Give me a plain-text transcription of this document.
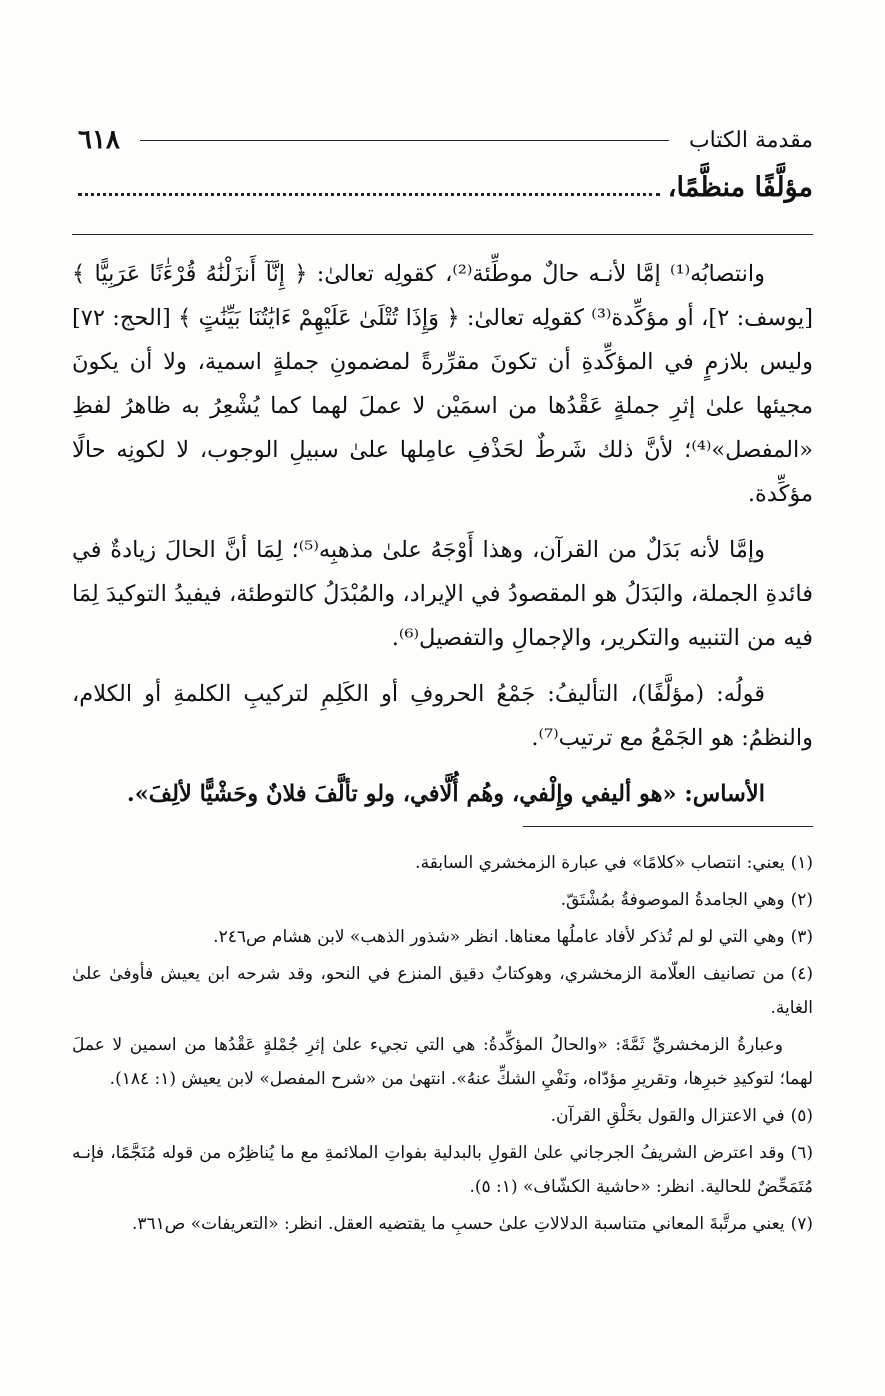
مقدمة الكتاب
٦١٨
مؤلَّفًا منظَّمًا،

وانتصابُه⁽¹⁾ إمَّا لأنـه حالٌ موطِّئة⁽²⁾، كقولِه تعالىٰ: ﴿ إِنَّآ أَنزَلْنَٰهُ قُرْءَٰنًا عَرَبِيًّا ﴾ [يوسف: ٢]، أو مؤكِّدة⁽³⁾ كقولِه تعالىٰ: ﴿ وَإِذَا تُتْلَىٰ عَلَيْهِمْ ءَايَٰتُنَا بَيِّنَٰتٍ ﴾ [الحج: ٧٢] وليس بلازمٍ في المؤكِّدةِ أن تكونَ مقرِّرةً لمضمونِ جملةٍ اسمية، ولا أن يكونَ مجيئها علىٰ إثرِ جملةٍ عَقْدُها من اسمَيْن لا عملَ لهما كما يُشْعِرُ به ظاهرُ لفظِ «المفصل»⁽⁴⁾؛ لأنَّ ذلك شَرطٌ لحَذْفِ عامِلها علىٰ سبيلِ الوجوب، لا لكونِه حالًا مؤكِّدة.

وإمَّا لأنه بَدَلٌ من القرآن، وهذا أَوْجَهُ علىٰ مذهبِه⁽⁵⁾؛ لِمَا أنَّ الحالَ زيادةٌ في فائدةِ الجملة، والبَدَلُ هو المقصودُ في الإيراد، والمُبْدَلُ كالتوطئة، فيفيدُ التوكيدَ لِمَا فيه من التنبيه والتكرير، والإجمالِ والتفصيل⁽⁶⁾.

قولُه: (مؤلَّفًا)، التأليفُ: جَمْعُ الحروفِ أو الكَلِمِ لتركيبِ الكلمةِ أو الكلام، والنظمُ: هو الجَمْعُ مع ترتيب⁽⁷⁾.

الأساس: «هو أليفي وإِلْفي، وهُم أُلَّافي، ولو تألَّفَ فلانٌ وحَشْيًّا لألِفَ».

(١)يعني: انتصاب «كلامًا» في عبارة الزمخشري السابقة.

(٢)وهي الجامدةُ الموصوفةُ بمُشْتَقّ.

(٣)وهي التي لو لم تُذكر لأفاد عاملُها معناها. انظر «شذور الذهب» لابن هشام ص٢٤٦.

(٤)من تصانيف العلّامة الزمخشري، وهوكتابٌ دقيق المنزع في النحو، وقد شرحه ابن يعيش فأوفىٰ علىٰ الغاية.

وعبارةُ الزمخشريِّ ثَمَّةَ: «والحالُ المؤكِّدةُ: هي التي تجيء علىٰ إثرِ جُمْلةٍ عَقْدُها من اسمين لا عملَ لهما؛ لتوكيدِ خبرِها، وتقريرِ مؤدّاه، ونَفْيِ الشكِّ عنهُ». انتهىٰ من «شرح المفصل» لابن يعيش (١: ١٨٤).

(٥)في الاعتزال والقول بخَلْقِ القرآن.

(٦)وقد اعترض الشريفُ الجرجاني علىٰ القولِ بالبدلية بفواتِ الملائمةِ مع ما يُناظِرُه من قوله مُنَجَّمًا، فإنـه مُتَمَحِّضٌ للحالية. انظر: «حاشية الكشّاف» (١: ٥).

(٧)يعني مرتَّبةَ المعاني متناسبة الدلالاتِ علىٰ حسبِ ما يقتضيه العقل. انظر: «التعريفات» ص٣٦١.
